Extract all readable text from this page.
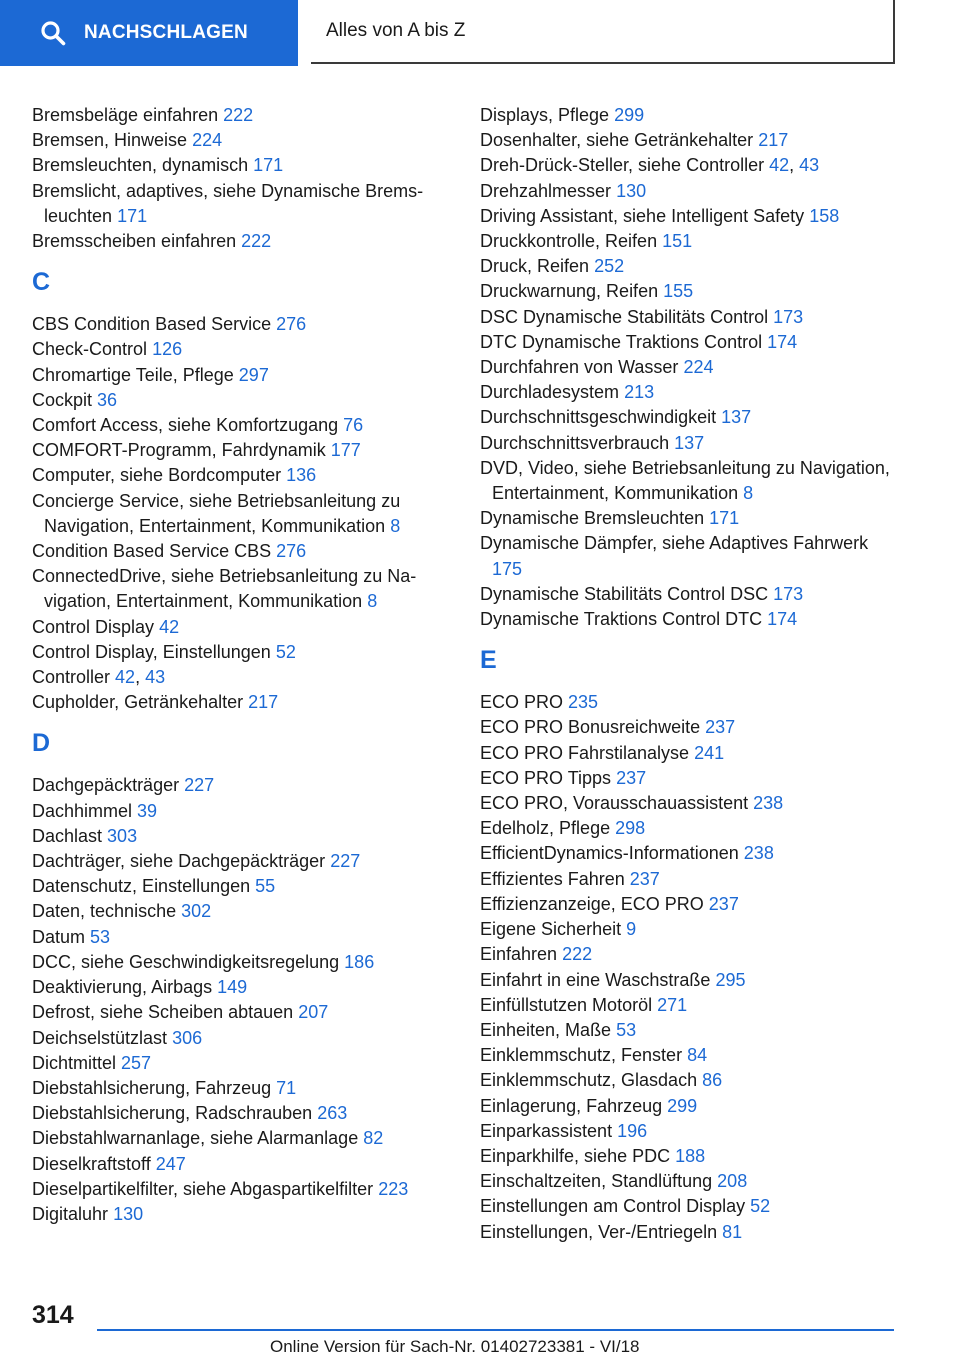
NACHSCHLAGEN	Alles von A bis Z
Bremsbeläge einfahren 222
Bremsen, Hinweise 224
Bremsleuchten, dynamisch 171
Bremslicht, adaptives, siehe Dynamische Bremsleuchten 171
Bremsscheiben einfahren 222
C
CBS Condition Based Service 276
Check-Control 126
Chromartige Teile, Pflege 297
Cockpit 36
Comfort Access, siehe Komfortzugang 76
COMFORT-Programm, Fahrdynamik 177
Computer, siehe Bordcomputer 136
Concierge Service, siehe Betriebsanleitung zu Navigation, Entertainment, Kommunikation 8
Condition Based Service CBS 276
ConnectedDrive, siehe Betriebsanleitung zu Navigation, Entertainment, Kommunikation 8
Control Display 42
Control Display, Einstellungen 52
Controller 42, 43
Cupholder, Getränkehalter 217
D
Dachgepäckträger 227
Dachhimmel 39
Dachlast 303
Dachträger, siehe Dachgepäckträger 227
Datenschutz, Einstellungen 55
Daten, technische 302
Datum 53
DCC, siehe Geschwindigkeitsregelung 186
Deaktivierung, Airbags 149
Defrost, siehe Scheiben abtauen 207
Deichselstützlast 306
Dichtmittel 257
Diebstahlsicherung, Fahrzeug 71
Diebstahlsicherung, Radschrauben 263
Diebstahlwarnanlage, siehe Alarmanlage 82
Dieselkraftstoff 247
Dieselpartikelfilter, siehe Abgaspartikelfilter 223
Digitaluhr 130
Displays, Pflege 299
Dosenhalter, siehe Getränkehalter 217
Dreh-Drück-Steller, siehe Controller 42, 43
Drehzahlmesser 130
Driving Assistant, siehe Intelligent Safety 158
Druckkontrolle, Reifen 151
Druck, Reifen 252
Druckwarnung, Reifen 155
DSC Dynamische Stabilitäts Control 173
DTC Dynamische Traktions Control 174
Durchfahren von Wasser 224
Durchladesystem 213
Durchschnittsgeschwindigkeit 137
Durchschnittsverbrauch 137
DVD, Video, siehe Betriebsanleitung zu Navigation, Entertainment, Kommunikation 8
Dynamische Bremsleuchten 171
Dynamische Dämpfer, siehe Adaptives Fahrwerk 175
Dynamische Stabilitäts Control DSC 173
Dynamische Traktions Control DTC 174
E
ECO PRO 235
ECO PRO Bonusreichweite 237
ECO PRO Fahrstilanalyse 241
ECO PRO Tipps 237
ECO PRO, Vorausschauassistent 238
Edelholz, Pflege 298
EfficientDynamics-Informationen 238
Effizientes Fahren 237
Effizienzanzeige, ECO PRO 237
Eigene Sicherheit 9
Einfahren 222
Einfahrt in eine Waschstraße 295
Einfüllstutzen Motoröl 271
Einheiten, Maße 53
Einklemmschutz, Fenster 84
Einklemmschutz, Glasdach 86
Einlagerung, Fahrzeug 299
Einparkassistent 196
Einparkhilfe, siehe PDC 188
Einschaltzeiten, Standlüftung 208
Einstellungen am Control Display 52
Einstellungen, Ver-/Entriegeln 81
314
Online Version für Sach-Nr. 01402723381 - VI/18
